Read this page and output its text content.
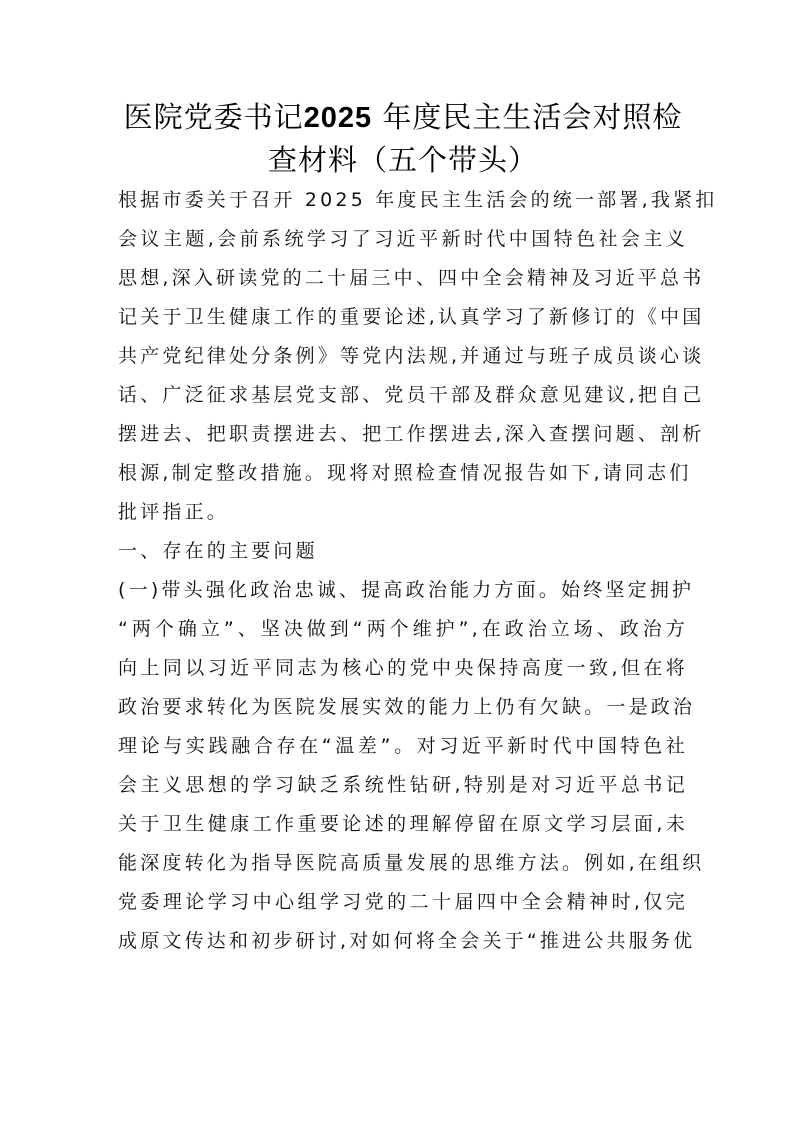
医院党委书记2025 年度民主生活会对照检
查材料（五个带头）
根据市委关于召开 2025 年度民主生活会的统一部署,我紧扣
会议主题,会前系统学习了习近平新时代中国特色社会主义
思想,深入研读党的二十届三中、四中全会精神及习近平总书
记关于卫生健康工作的重要论述,认真学习了新修订的《中国
共产党纪律处分条例》等党内法规,并通过与班子成员谈心谈
话、广泛征求基层党支部、党员干部及群众意见建议,把自己
摆进去、把职责摆进去、把工作摆进去,深入查摆问题、剖析
根源,制定整改措施。现将对照检查情况报告如下,请同志们
批评指正。
一、存在的主要问题
(一)带头强化政治忠诚、提高政治能力方面。始终坚定拥护
“两个确立”、坚决做到“两个维护”,在政治立场、政治方
向上同以习近平同志为核心的党中央保持高度一致,但在将
政治要求转化为医院发展实效的能力上仍有欠缺。一是政治
理论与实践融合存在“温差”。对习近平新时代中国特色社
会主义思想的学习缺乏系统性钻研,特别是对习近平总书记
关于卫生健康工作重要论述的理解停留在原文学习层面,未
能深度转化为指导医院高质量发展的思维方法。例如,在组织
党委理论学习中心组学习党的二十届四中全会精神时,仅完
成原文传达和初步研讨,对如何将全会关于“推进公共服务优
